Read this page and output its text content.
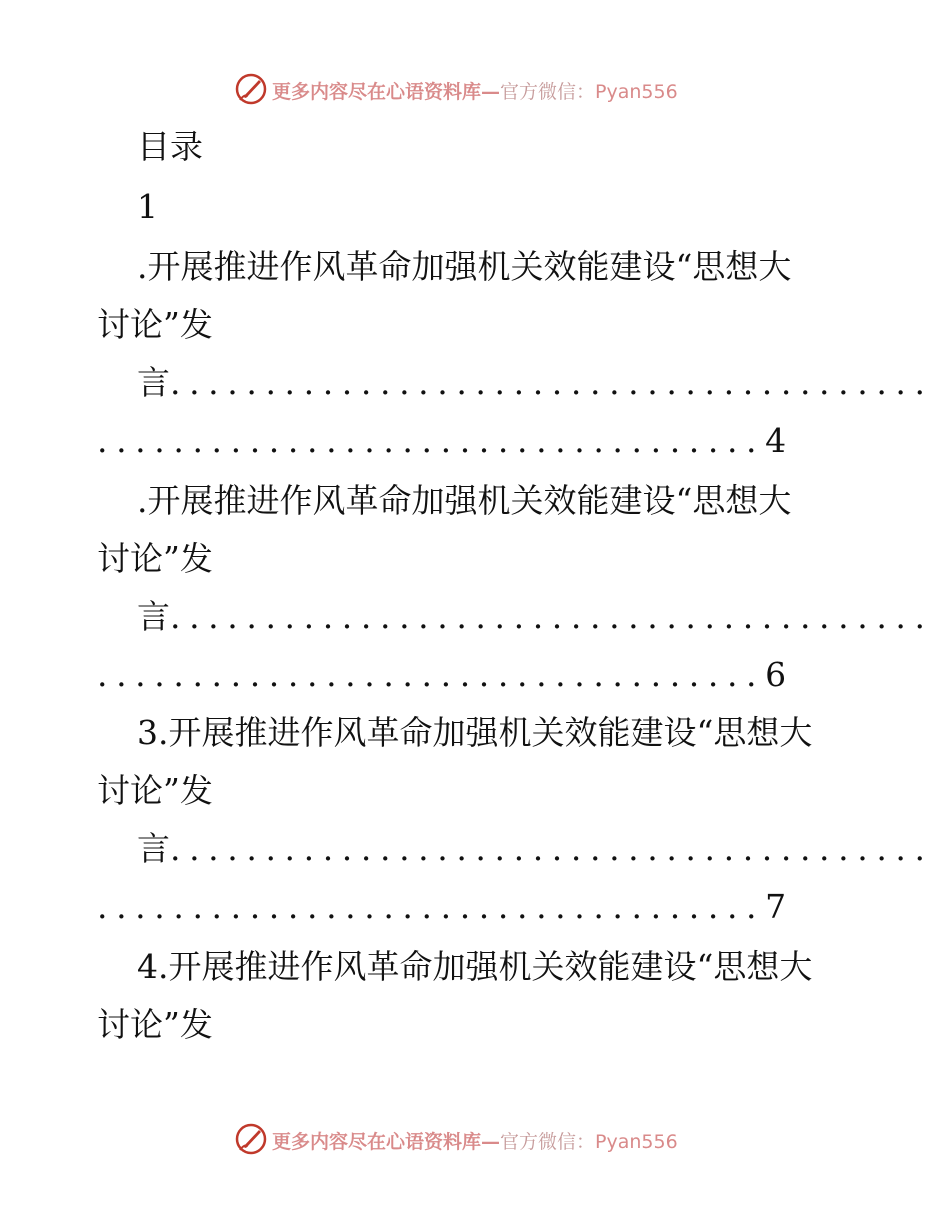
更多内容尽在心语资料库—官方微信：Pyan556
目录
1
.开展推进作风革命加强机关效能建设“思想大
讨论”发
言........................................
...................................4
.开展推进作风革命加强机关效能建设“思想大
讨论”发
言........................................
...................................6
3.开展推进作风革命加强机关效能建设“思想大
讨论”发
言........................................
...................................7
4.开展推进作风革命加强机关效能建设“思想大
讨论”发
更多内容尽在心语资料库—官方微信：Pyan556
